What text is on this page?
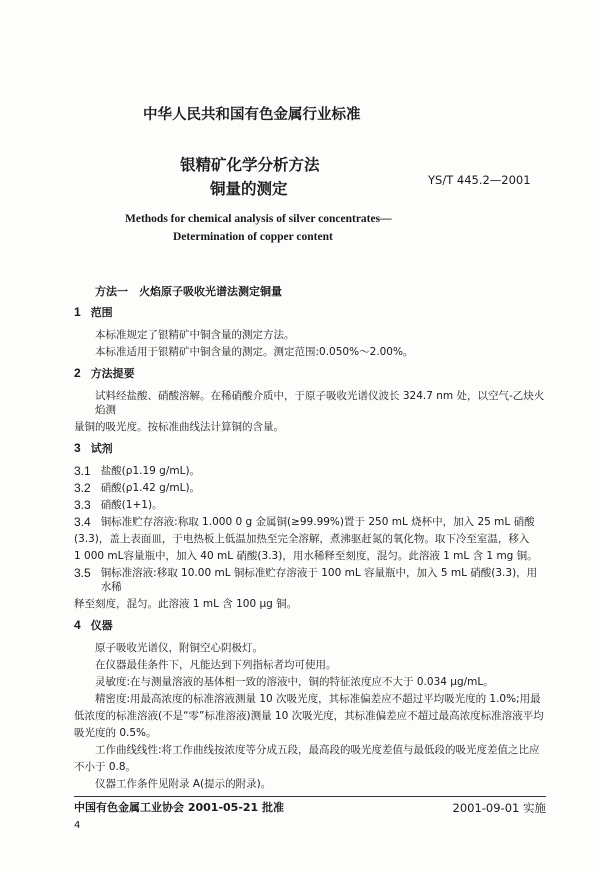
中华人民共和国有色金属行业标准
银精矿化学分析方法
铜量的测定	YS/T 445.2—2001
Methods for chemical analysis of silver concentrates—
Determination of copper content
方法一　火焰原子吸收光谱法测定铜量
1 范围

本标准规定了银精矿中铜含量的测定方法。

本标准适用于银精矿中铜含量的测定。测定范围:0.050%～2.00%。

2 方法提要

试料经盐酸、硝酸溶解。在稀硝酸介质中，于原子吸收光谱仪波长 324.7 nm 处，以空气-乙炔火焰测

量铜的吸光度。按标准曲线法计算铜的含量。

3 试剂
3.1 盐酸(ρ1.19 g/mL)。
3.2 硝酸(ρ1.42 g/mL)。
3.3 硝酸(1+1)。
3.4 铜标准贮存溶液:称取 1.000 0 g 金属铜(≥99.99%)置于 250 mL 烧杯中，加入 25 mL 硝酸

(3.3)，盖上表面皿，于电热板上低温加热至完全溶解，煮沸驱赶氮的氧化物。取下冷至室温，移入

1 000 mL容量瓶中，加入 40 mL 硝酸(3.3)，用水稀释至刻度，混匀。此溶液 1 mL 含 1 mg 铜。

3.5 铜标准溶液:移取 10.00 mL 铜标准贮存溶液于 100 mL 容量瓶中，加入 5 mL 硝酸(3.3)，用水稀

释至刻度，混匀。此溶液 1 mL 含 100 μg 铜。

4 仪器

原子吸收光谱仪，附铜空心阴极灯。

在仪器最佳条件下，凡能达到下列指标者均可使用。

灵敏度:在与测量溶液的基体相一致的溶液中，铜的特征浓度应不大于 0.034 μg/mL。

精密度:用最高浓度的标准溶液测量 10 次吸光度，其标准偏差应不超过平均吸光度的 1.0%;用最

低浓度的标准溶液(不是“零”标准溶液)测量 10 次吸光度，其标准偏差应不超过最高浓度标准溶液平均

吸光度的 0.5%。

工作曲线线性:将工作曲线按浓度等分成五段，最高段的吸光度差值与最低段的吸光度差值之比应

不小于 0.8。

仪器工作条件见附录 A(提示的附录)。

中国有色金属工业协会 2001-05-21 批准	2001-09-01 实施
4
